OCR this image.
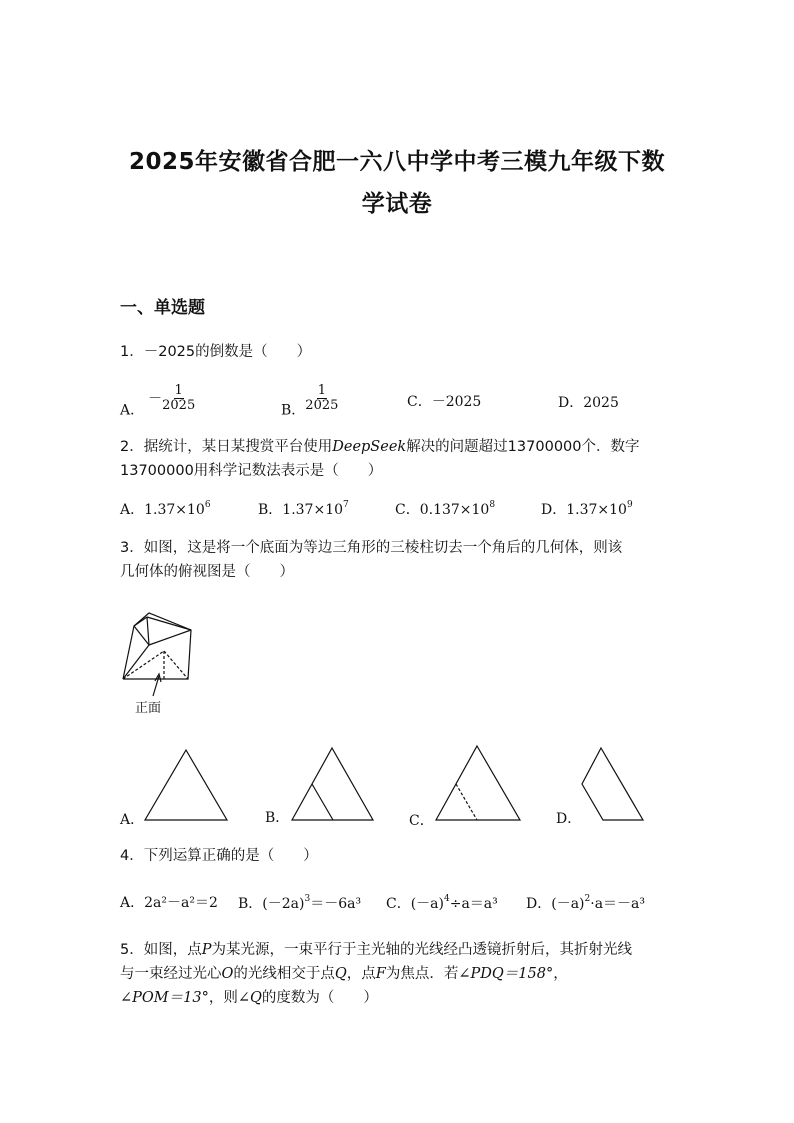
2025年安徽省合肥一六八中学中考三模九年级下数
学试卷
一、单选题
1．－2025的倒数是（　　）
A．－ $\frac{1}{2025}$	B． $\frac{1}{2025}$	C．－2025	D．2025
2．据统计，某日某搜赏平台使用DeepSeek解决的问题超过13700000个．数字
13700000用科学记数法表示是（　　）
A．$1.37\times 10^6$	B．$1.37\times 10^7$	C．$0.137\times 10^8$	D．$1.37\times 10^9$
3．如图，这是将一个底面为等边三角形的三棱柱切去一个角后的几何体，则该
几何体的俯视图是（　　）
正面
A．	B．	C．	D．
4．下列运算正确的是（　　）
A．2a²－a²＝2 B．$(-2a)^3=-6a^3$ C．$(-a)^4\div a=a^3$ D．$(-a)^2\cdot a=-a^3$
5．如图，点P为某光源，一束平行于主光轴的光线经凸透镜折射后，其折射光线
与一束经过光心O的光线相交于点Q，点F为焦点．若∠PDQ＝158°，
∠POM＝13°，则∠Q的度数为（　　）
